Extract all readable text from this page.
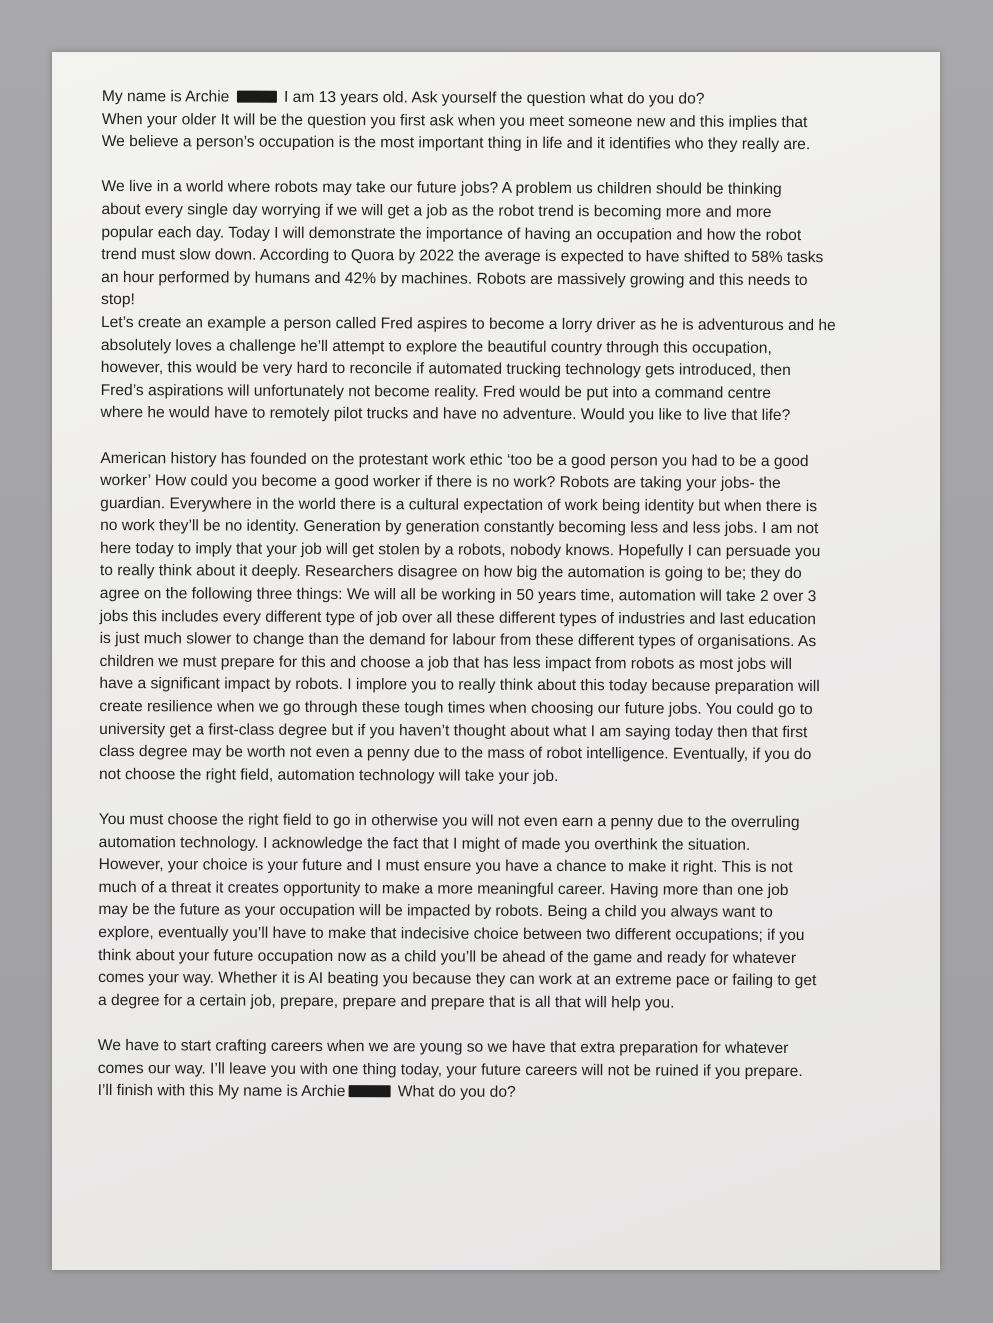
My name is Archie	I am 13 years old. Ask yourself the question what do you do?
When your older It will be the question you first ask when you meet someone new and this implies that
We believe a person’s occupation is the most important thing in life and it identifies who they really are.
We live in a world where robots may take our future jobs? A problem us children should be thinking
about every single day worrying if we will get a job as the robot trend is becoming more and more
popular each day. Today I will demonstrate the importance of having an occupation and how the robot
trend must slow down. According to Quora by 2022 the average is expected to have shifted to 58% tasks
an hour performed by humans and 42% by machines. Robots are massively growing and this needs to
stop!
Let’s create an example a person called Fred aspires to become a lorry driver as he is adventurous and he
absolutely loves a challenge he’ll attempt to explore the beautiful country through this occupation,
however, this would be very hard to reconcile if automated trucking technology gets introduced, then
Fred’s aspirations will unfortunately not become reality. Fred would be put into a command centre
where he would have to remotely pilot trucks and have no adventure. Would you like to live that life?
American history has founded on the protestant work ethic ‘too be a good person you had to be a good
worker’ How could you become a good worker if there is no work? Robots are taking your jobs- the
guardian. Everywhere in the world there is a cultural expectation of work being identity but when there is
no work they’ll be no identity. Generation by generation constantly becoming less and less jobs. I am not
here today to imply that your job will get stolen by a robots, nobody knows. Hopefully I can persuade you
to really think about it deeply. Researchers disagree on how big the automation is going to be; they do
agree on the following three things: We will all be working in 50 years time, automation will take 2 over 3
jobs this includes every different type of job over all these different types of industries and last education
is just much slower to change than the demand for labour from these different types of organisations. As
children we must prepare for this and choose a job that has less impact from robots as most jobs will
have a significant impact by robots. I implore you to really think about this today because preparation will
create resilience when we go through these tough times when choosing our future jobs. You could go to
university get a first-class degree but if you haven’t thought about what I am saying today then that first
class degree may be worth not even a penny due to the mass of robot intelligence. Eventually, if you do
not choose the right field, automation technology will take your job.
You must choose the right field to go in otherwise you will not even earn a penny due to the overruling
automation technology. I acknowledge the fact that I might of made you overthink the situation.
However, your choice is your future and I must ensure you have a chance to make it right. This is not
much of a threat it creates opportunity to make a more meaningful career. Having more than one job
may be the future as your occupation will be impacted by robots. Being a child you always want to
explore, eventually you’ll have to make that indecisive choice between two different occupations; if you
think about your future occupation now as a child you’ll be ahead of the game and ready for whatever
comes your way. Whether it is AI beating you because they can work at an extreme pace or failing to get
a degree for a certain job, prepare, prepare and prepare that is all that will help you.
We have to start crafting careers when we are young so we have that extra preparation for whatever
comes our way. I’ll leave you with one thing today, your future careers will not be ruined if you prepare.
I’ll finish with this My name is Archie	What do you do?
